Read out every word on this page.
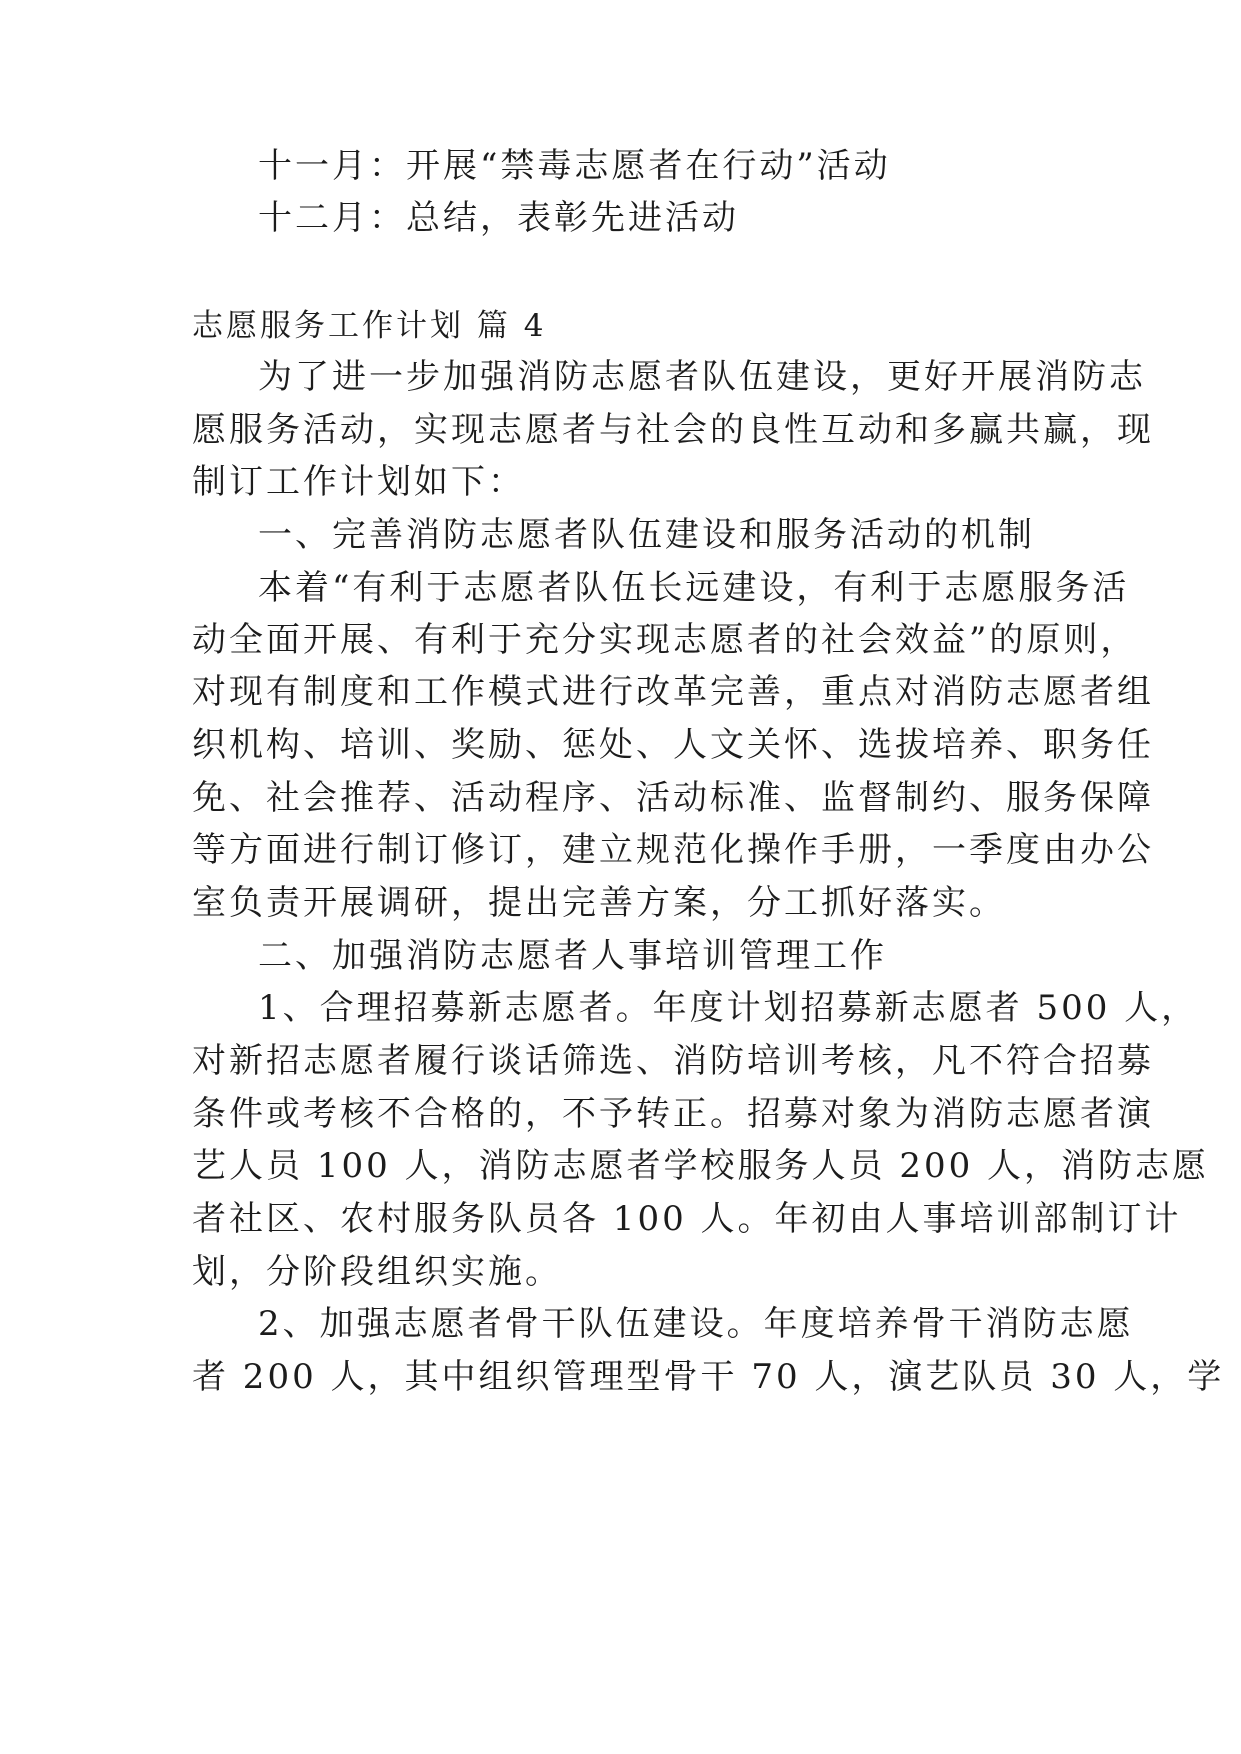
十一月：开展“禁毒志愿者在行动”活动
十二月：总结，表彰先进活动
志愿服务工作计划 篇 4
为了进一步加强消防志愿者队伍建设，更好开展消防志
愿服务活动，实现志愿者与社会的良性互动和多赢共赢，现
制订工作计划如下：
一、完善消防志愿者队伍建设和服务活动的机制
本着“有利于志愿者队伍长远建设，有利于志愿服务活
动全面开展、有利于充分实现志愿者的社会效益”的原则，
对现有制度和工作模式进行改革完善，重点对消防志愿者组
织机构、培训、奖励、惩处、人文关怀、选拔培养、职务任
免、社会推荐、活动程序、活动标准、监督制约、服务保障
等方面进行制订修订，建立规范化操作手册，一季度由办公
室负责开展调研，提出完善方案，分工抓好落实。
二、加强消防志愿者人事培训管理工作
1、合理招募新志愿者。年度计划招募新志愿者 500 人，
对新招志愿者履行谈话筛选、消防培训考核，凡不符合招募
条件或考核不合格的，不予转正。招募对象为消防志愿者演
艺人员 100 人，消防志愿者学校服务人员 200 人，消防志愿
者社区、农村服务队员各 100 人。年初由人事培训部制订计
划，分阶段组织实施。
2、加强志愿者骨干队伍建设。年度培养骨干消防志愿
者 200 人，其中组织管理型骨干 70 人，演艺队员 30 人，学
